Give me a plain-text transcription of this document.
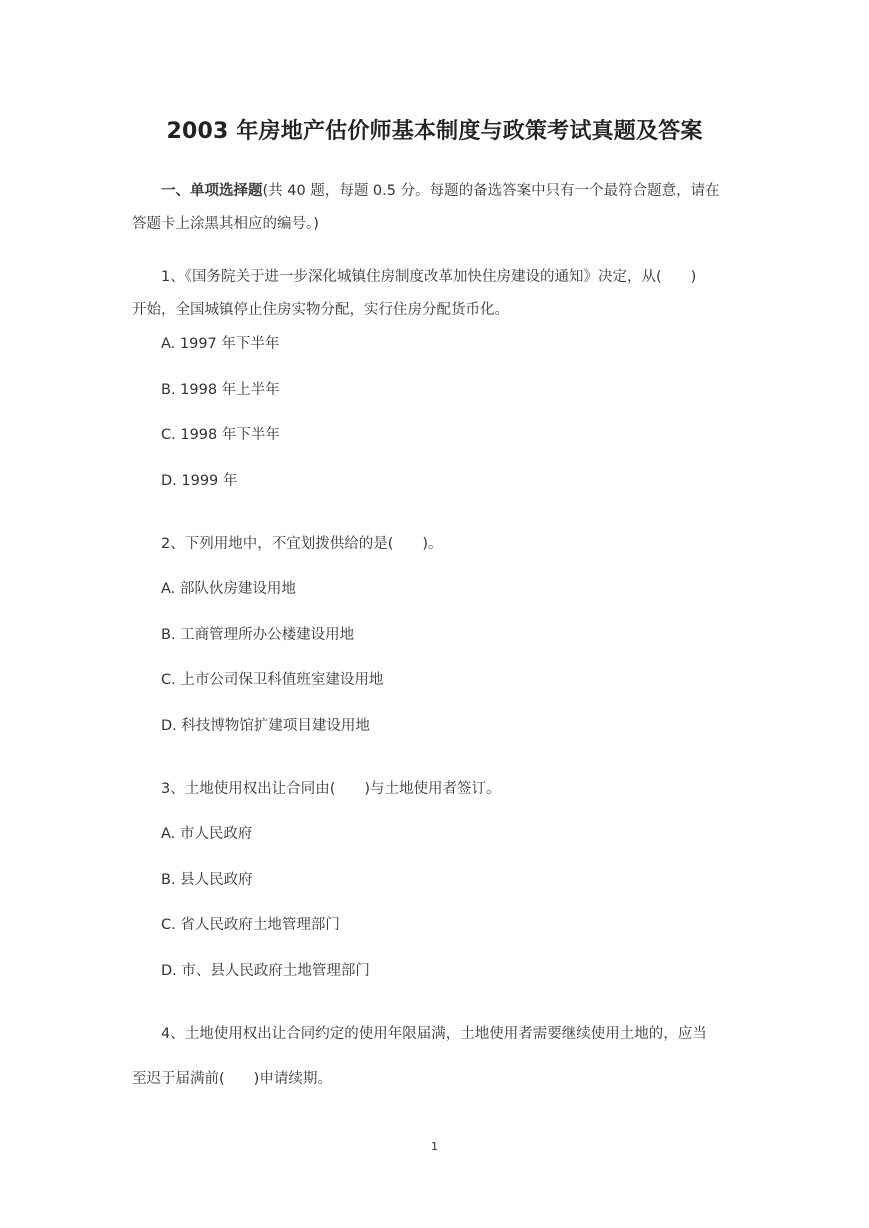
2003 年房地产估价师基本制度与政策考试真题及答案
一、单项选择题(共 40 题，每题 0.5 分。每题的备选答案中只有一个最符合题意，请在
答题卡上涂黑其相应的编号。)
1、《国务院关于进一步深化城镇住房制度改革加快住房建设的通知》决定，从(　　)
开始，全国城镇停止住房实物分配，实行住房分配货币化。
A. 1997 年下半年
B. 1998 年上半年
C. 1998 年下半年
D. 1999 年
2、下列用地中，不宜划拨供给的是(　　)。
A. 部队伙房建设用地
B. 工商管理所办公楼建设用地
C. 上市公司保卫科值班室建设用地
D. 科技博物馆扩建项目建设用地
3、土地使用权出让合同由(　　)与土地使用者签订。
A. 市人民政府
B. 县人民政府
C. 省人民政府土地管理部门
D. 市、县人民政府土地管理部门
4、土地使用权出让合同约定的使用年限届满，土地使用者需要继续使用土地的，应当
至迟于届满前(　　)申请续期。
1
